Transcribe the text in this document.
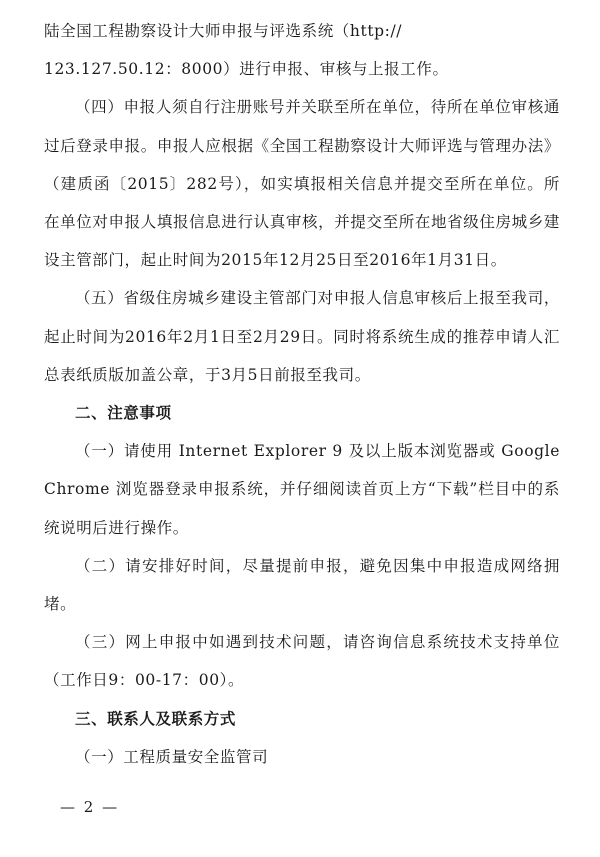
陆全国工程勘察设计大师申报与评选系统（http://

123.127.50.12：8000）进行申报、审核与上报工作。

（四）申报人须自行注册账号并关联至所在单位，待所在单位审核通过后登录申报。申报人应根据《全国工程勘察设计大师评选与管理办法》（建质函〔2015〕282号），如实填报相关信息并提交至所在单位。所在单位对申报人填报信息进行认真审核，并提交至所在地省级住房城乡建设主管部门，起止时间为2015年12月25日至2016年1月31日。

（五）省级住房城乡建设主管部门对申报人信息审核后上报至我司，起止时间为2016年2月1日至2月29日。同时将系统生成的推荐申请人汇总表纸质版加盖公章，于3月5日前报至我司。

二、注意事项

（一）请使用 Internet Explorer 9 及以上版本浏览器或 Google Chrome 浏览器登录申报系统，并仔细阅读首页上方“下载”栏目中的系统说明后进行操作。

（二）请安排好时间，尽量提前申报，避免因集中申报造成网络拥堵。

（三）网上申报中如遇到技术问题，请咨询信息系统技术支持单位（工作日9：00-17：00）。

三、联系人及联系方式

（一）工程质量安全监管司

— 2 —
